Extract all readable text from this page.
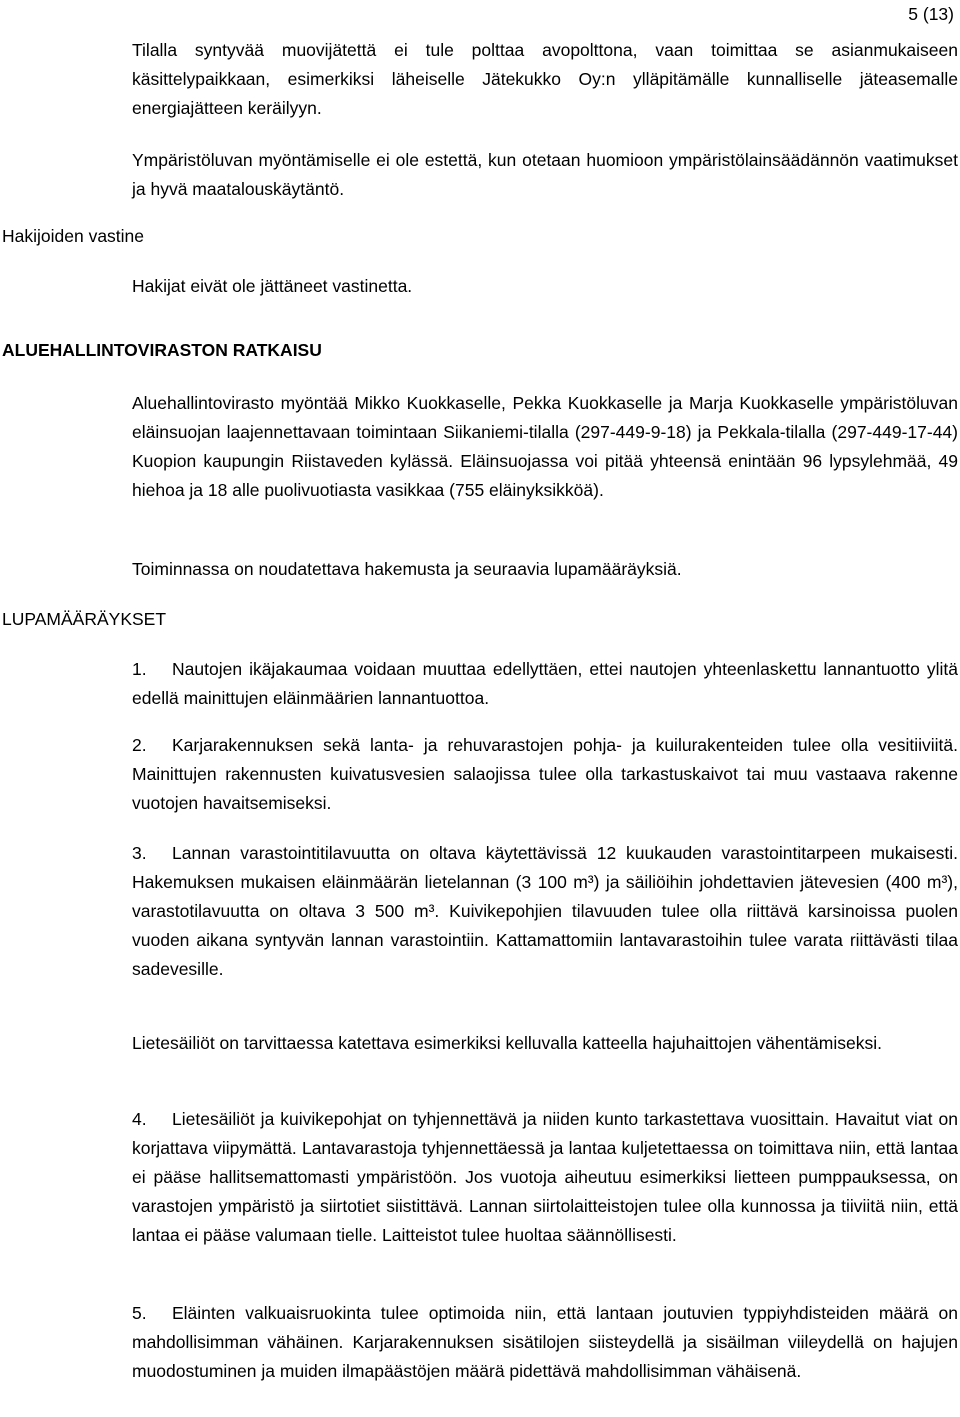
5 (13)

Tilalla syntyvää muovijätettä ei tule polttaa avopolttona, vaan toimittaa se asianmukaiseen käsittelypaikkaan, esimerkiksi läheiselle Jätekukko Oy:n ylläpitämälle kunnalliselle jäteasemalle energiajätteen keräilyyn.

Ympäristöluvan myöntämiselle ei ole estettä, kun otetaan huomioon ympäristölainsäädännön vaatimukset ja hyvä maatalouskäytäntö.

Hakijoiden vastine

Hakijat eivät ole jättäneet vastinetta.

ALUEHALLINTOVIRASTON RATKAISU

Aluehallintovirasto myöntää Mikko Kuokkaselle, Pekka Kuokkaselle ja Marja Kuokkaselle ympäristöluvan eläinsuojan laajennettavaan toimintaan Siikaniemi-tilalla (297-449-9-18) ja Pekkala-tilalla (297-449-17-44) Kuopion kaupungin Riistaveden kylässä. Eläinsuojassa voi pitää yhteensä enintään 96 lypsylehmää, 49 hiehoa ja 18 alle puolivuotiasta vasikkaa (755 eläinyksikköä).

Toiminnassa on noudatettava hakemusta ja seuraavia lupamääräyksiä.

LUPAMÄÄRÄYKSET

1. Nautojen ikäjakaumaa voidaan muuttaa edellyttäen, ettei nautojen yhteenlaskettu lannantuotto ylitä edellä mainittujen eläinmäärien lannantuottoa.

2. Karjarakennuksen sekä lanta- ja rehuvarastojen pohja- ja kuilurakenteiden tulee olla vesitiiviitä. Mainittujen rakennusten kuivatusvesien salaojissa tulee olla tarkastuskaivot tai muu vastaava rakenne vuotojen havaitsemiseksi.

3. Lannan varastointitilavuutta on oltava käytettävissä 12 kuukauden varastointitarpeen mukaisesti. Hakemuksen mukaisen eläinmäärän lietelannan (3 100 m³) ja säiliöihin johdettavien jätevesien (400 m³), varastotilavuutta on oltava 3 500 m³. Kuivikepohjien tilavuuden tulee olla riittävä karsinoissa puolen vuoden aikana syntyvän lannan varastointiin. Kattamattomiin lantavarastoihin tulee varata riittävästi tilaa sadevesille.

Lietesäiliöt on tarvittaessa katettava esimerkiksi kelluvalla katteella hajuhaittojen vähentämiseksi.

4. Lietesäiliöt ja kuivikepohjat on tyhjennettävä ja niiden kunto tarkastettava vuosittain. Havaitut viat on korjattava viipymättä. Lantavarastoja tyhjennettäessä ja lantaa kuljetettaessa on toimittava niin, että lantaa ei pääse hallitsemattomasti ympäristöön. Jos vuotoja aiheutuu esimerkiksi lietteen pumppauksessa, on varastojen ympäristö ja siirtotiet siistittävä. Lannan siirtolaitteistojen tulee olla kunnossa ja tiiviitä niin, että lantaa ei pääse valumaan tielle. Laitteistot tulee huoltaa säännöllisesti.

5. Eläinten valkuaisruokinta tulee optimoida niin, että lantaan joutuvien typpiyhdisteiden määrä on mahdollisimman vähäinen. Karjarakennuksen sisätilojen siisteydellä ja sisäilman viileydellä on hajujen muodostuminen ja muiden ilmapäästöjen määrä pidettävä mahdollisimman vähäisenä.
